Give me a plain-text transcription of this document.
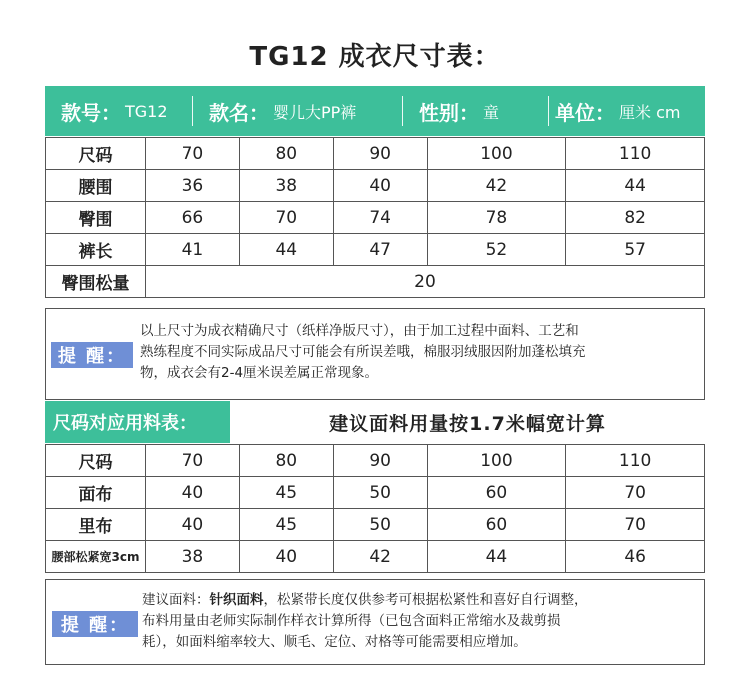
TG12 成衣尺寸表：
款号： TG12 款名： 婴儿大PP裤	性别： 童	单位： 厘米 cm
尺码	70	80	90	100	110
腰围	36	38	40	42	44
臀围	66	70	74	78	82
裤长	41	44	47	52	57
臀围松量	20				
提 醒：
以上尺寸为成衣精确尺寸（纸样净版尺寸），由于加工过程中面料、工艺和
熟练程度不同实际成品尺寸可能会有所误差哦，棉服羽绒服因附加蓬松填充
物，成衣会有2-4厘米误差属正常现象。
尺码对应用料表：	建议面料用量按1.7米幅宽计算
尺码	70	80	90	100	110
面布	40	45	50	60	70
里布	40	45	50	60	70
腰部松紧宽3cm	38	40	42	44	46
提 醒：
建议面料：针织面料，松紧带长度仅供参考可根据松紧性和喜好自行调整，
布料用量由老师实际制作样衣计算所得（已包含面料正常缩水及裁剪损
耗），如面料缩率较大、顺毛、定位、对格等可能需要相应增加。
